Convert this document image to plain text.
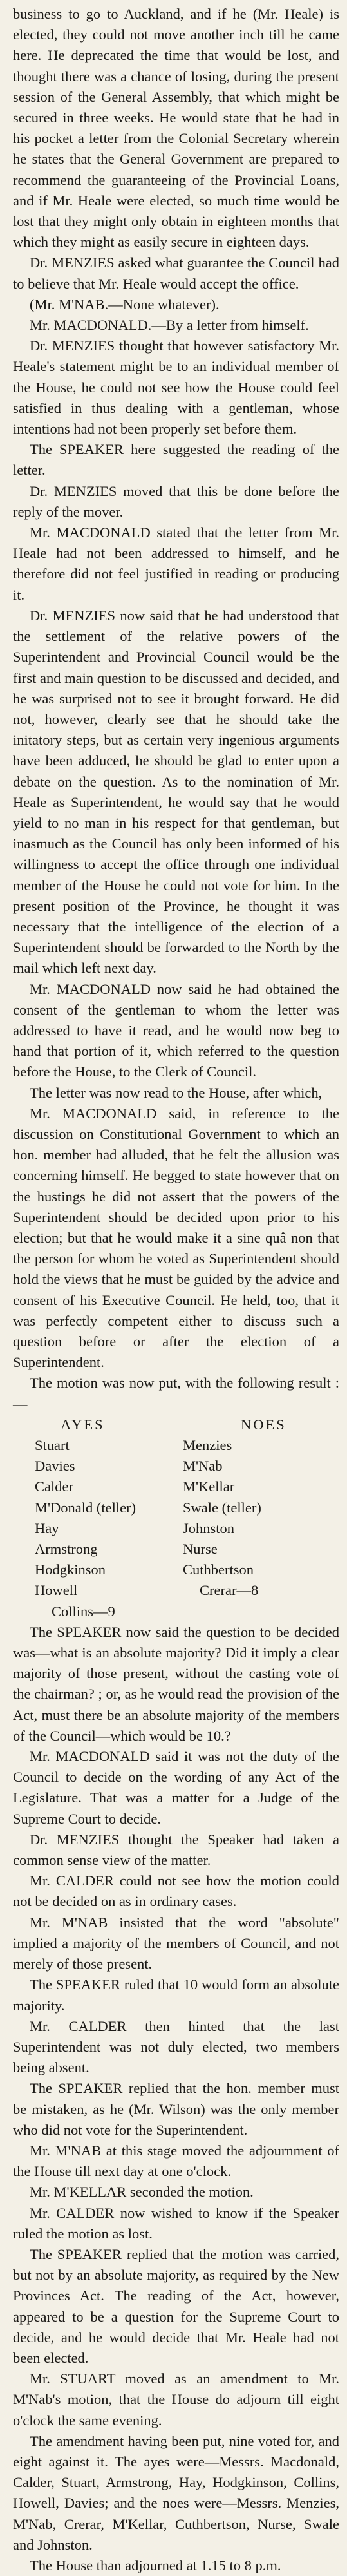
business to go to Auckland, and if he (Mr. Heale) is elected, they could not move another inch till he came here. He deprecated the time that would be lost, and thought there was a chance of losing, during the present session of the General Assembly, that which might be secured in three weeks. He would state that he had in his pocket a letter from the Colonial Secretary wherein he states that the General Government are prepared to recommend the guaranteeing of the Provincial Loans, and if Mr. Heale were elected, so much time would be lost that they might only obtain in eighteen months that which they might as easily secure in eighteen days.

Dr. MENZIES asked what guarantee the Council had to believe that Mr. Heale would accept the office.

(Mr. M'NAB.—None whatever).

Mr. MACDONALD.—By a letter from himself.

Dr. MENZIES thought that however satisfactory Mr. Heale's statement might be to an individual member of the House, he could not see how the House could feel satisfied in thus dealing with a gentleman, whose intentions had not been properly set before them.

The SPEAKER here suggested the reading of the letter.

Dr. MENZIES moved that this be done before the reply of the mover.

Mr. MACDONALD stated that the letter from Mr. Heale had not been addressed to himself, and he therefore did not feel justified in reading or producing it.

Dr. MENZIES now said that he had understood that the settlement of the relative powers of the Superintendent and Provincial Council would be the first and main question to be discussed and decided, and he was surprised not to see it brought forward. He did not, however, clearly see that he should take the initatory steps, but as certain very ingenious arguments have been adduced, he should be glad to enter upon a debate on the question. As to the nomination of Mr. Heale as Superintendent, he would say that he would yield to no man in his respect for that gentleman, but inasmuch as the Council has only been informed of his willingness to accept the office through one individual member of the House he could not vote for him. In the present position of the Province, he thought it was necessary that the intelligence of the election of a Superintendent should be forwarded to the North by the mail which left next day.

Mr. MACDONALD now said he had obtained the consent of the gentleman to whom the letter was addressed to have it read, and he would now beg to hand that portion of it, which referred to the question before the House, to the Clerk of Council.

The letter was now read to the House, after which,

Mr. MACDONALD said, in reference to the discussion on Constitutional Government to which an hon. member had alluded, that he felt the allusion was concerning himself. He begged to state however that on the hustings he did not assert that the powers of the Superintendent should be decided upon prior to his election; but that he would make it a sine quâ non that the person for whom he voted as Superintendent should hold the views that he must be guided by the advice and consent of his Executive Council. He held, too, that it was perfectly competent either to discuss such a question before or after the election of a Superintendent.

The motion was now put, with the following result :—

AYES
Stuart
Davies
Calder
M'Donald (teller)
Hay
Armstrong
Hodgkinson
Howell
Collins—9
NOES
Menzies
M'Nab
M'Kellar
Swale (teller)
Johnston
Nurse
Cuthbertson
Crerar—8

The SPEAKER now said the question to be decided was—what is an absolute majority? Did it imply a clear majority of those present, without the casting vote of the chairman? ; or, as he would read the provision of the Act, must there be an absolute majority of the members of the Council—which would be 10.?

Mr. MACDONALD said it was not the duty of the Council to decide on the wording of any Act of the Legislature. That was a matter for a Judge of the Supreme Court to decide.

Dr. MENZIES thought the Speaker had taken a common sense view of the matter.

Mr. CALDER could not see how the motion could not be decided on as in ordinary cases.

Mr. M'NAB insisted that the word "absolute" implied a majority of the members of Council, and not merely of those present.

The SPEAKER ruled that 10 would form an absolute majority.

Mr. CALDER then hinted that the last Superintendent was not duly elected, two members being absent.

The SPEAKER replied that the hon. member must be mistaken, as he (Mr. Wilson) was the only member who did not vote for the Superintendent.

Mr. M'NAB at this stage moved the adjournment of the House till next day at one o'clock.

Mr. M'KELLAR seconded the motion.

Mr. CALDER now wished to know if the Speaker ruled the motion as lost.

The SPEAKER replied that the motion was carried, but not by an absolute majority, as required by the New Provinces Act. The reading of the Act, however, appeared to be a question for the Supreme Court to decide, and he would decide that Mr. Heale had not been elected.

Mr. STUART moved as an amendment to Mr. M'Nab's motion, that the House do adjourn till eight o'clock the same evening.

The amendment having been put, nine voted for, and eight against it. The ayes were—Messrs. Macdonald, Calder, Stuart, Armstrong, Hay, Hodgkinson, Collins, Howell, Davies; and the noes were—Messrs. Menzies, M'Nab, Crerar, M'Kellar, Cuthbertson, Nurse, Swale and Johnston.

The House than adjourned at 1.15 to 8 p.m.
